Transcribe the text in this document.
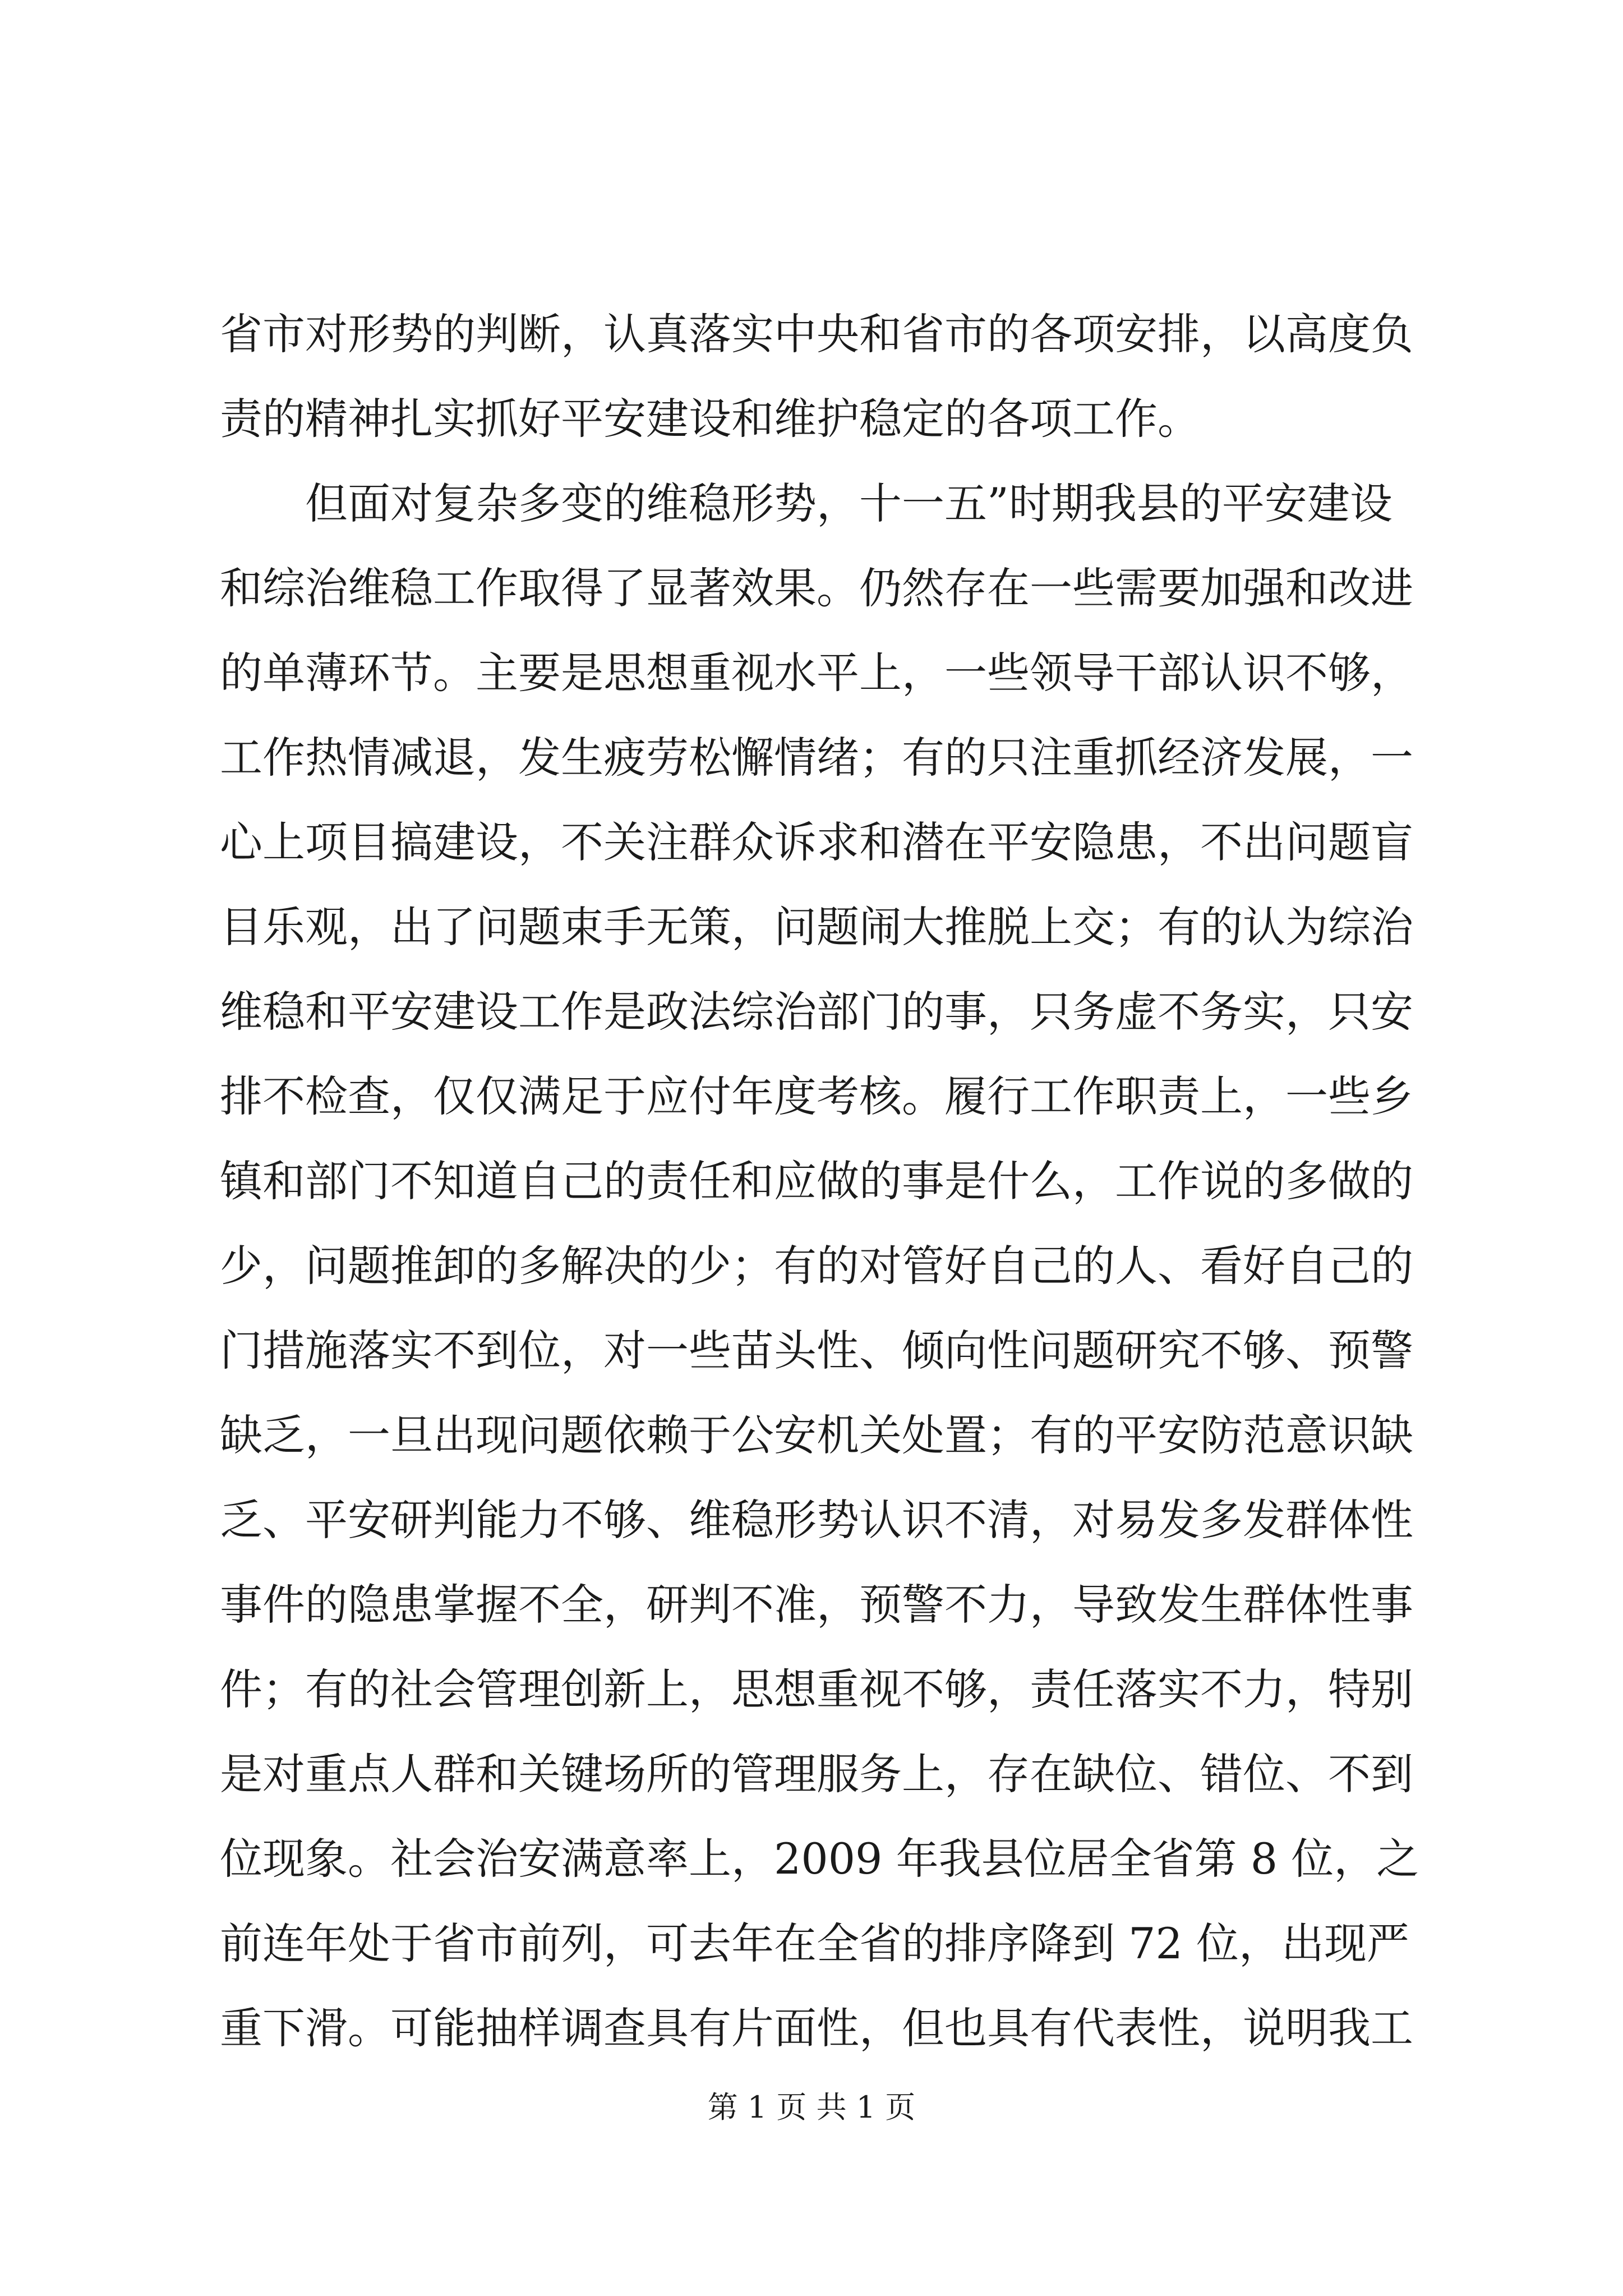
省市对形势的判断，认真落实中央和省市的各项安排，以高度负
责的精神扎实抓好平安建设和维护稳定的各项工作。
但面对复杂多变的维稳形势，十一五”时期我县的平安建设
和综治维稳工作取得了显著效果。仍然存在一些需要加强和改进
的单薄环节。主要是思想重视水平上，一些领导干部认识不够，
工作热情减退，发生疲劳松懈情绪；有的只注重抓经济发展，一
心上项目搞建设，不关注群众诉求和潜在平安隐患，不出问题盲
目乐观，出了问题束手无策，问题闹大推脱上交；有的认为综治
维稳和平安建设工作是政法综治部门的事，只务虚不务实，只安
排不检查，仅仅满足于应付年度考核。履行工作职责上，一些乡
镇和部门不知道自己的责任和应做的事是什么，工作说的多做的
少，问题推卸的多解决的少；有的对管好自己的人、看好自己的
门措施落实不到位，对一些苗头性、倾向性问题研究不够、预警
缺乏，一旦出现问题依赖于公安机关处置；有的平安防范意识缺
乏、平安研判能力不够、维稳形势认识不清，对易发多发群体性
事件的隐患掌握不全，研判不准，预警不力，导致发生群体性事
件；有的社会管理创新上，思想重视不够，责任落实不力，特别
是对重点人群和关键场所的管理服务上，存在缺位、错位、不到
位现象。社会治安满意率上，2009 年我县位居全省第 8 位，之
前连年处于省市前列，可去年在全省的排序降到 72 位，出现严
重下滑。可能抽样调查具有片面性，但也具有代表性，说明我工
第 1 页 共 1 页
